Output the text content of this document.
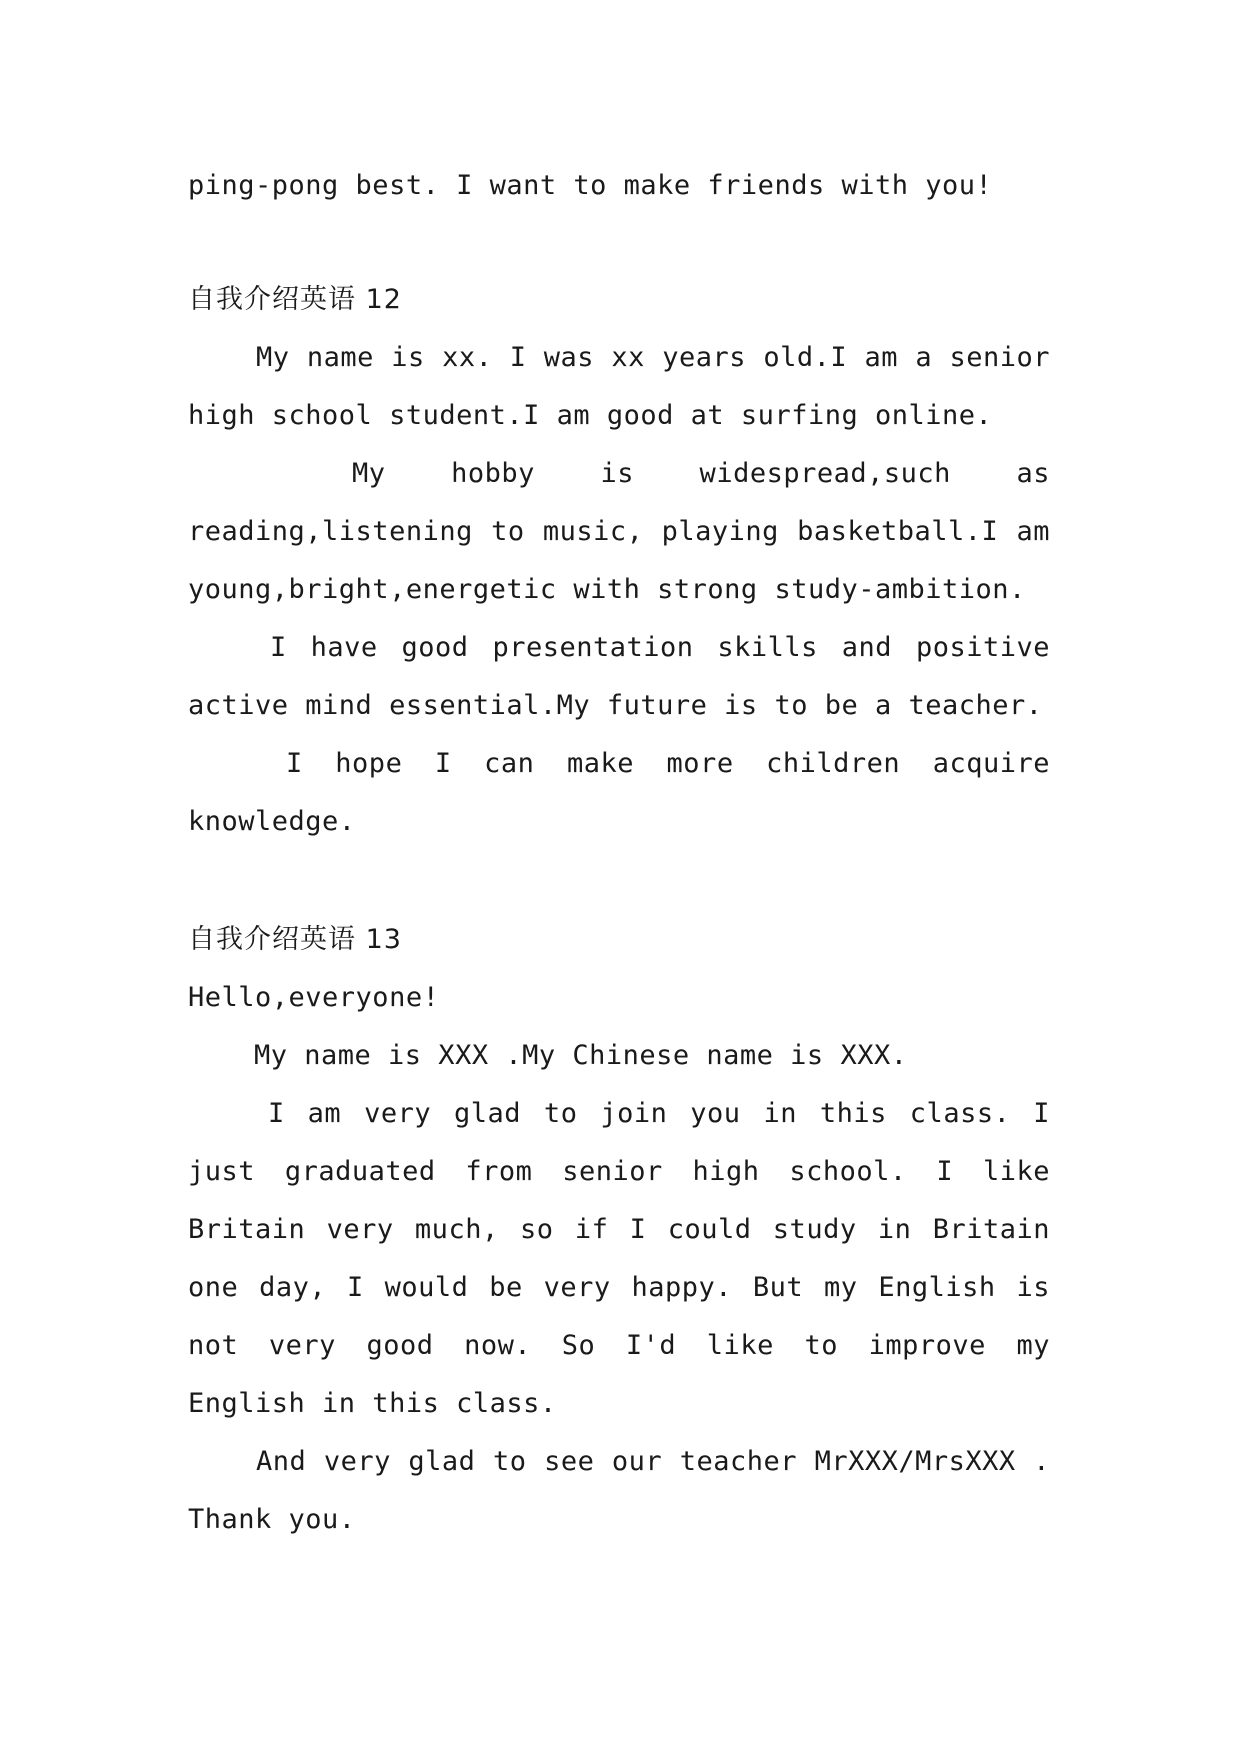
ping-pong best. I want to make friends with you!
自我介绍英语 12
My name is xx. I was xx years old.I am a senior
high school student.I am good at surfing online.
My hobby is widespread,such as
reading,listening to music, playing basketball.I am
young,bright,energetic with strong study-ambition.
I have good presentation skills and positive
active mind essential.My future is to be a teacher.
I hope I can make more children acquire
knowledge.
自我介绍英语 13
Hello,everyone!
My name is XXX .My Chinese name is XXX.
I am very glad to join you in this class. I
just graduated from senior high school. I like
Britain very much, so if I could study in Britain
one day, I would be very happy. But my English is
not very good now. So I'd like to improve my
English in this class.
And very glad to see our teacher MrXXX/MrsXXX .
Thank you.
